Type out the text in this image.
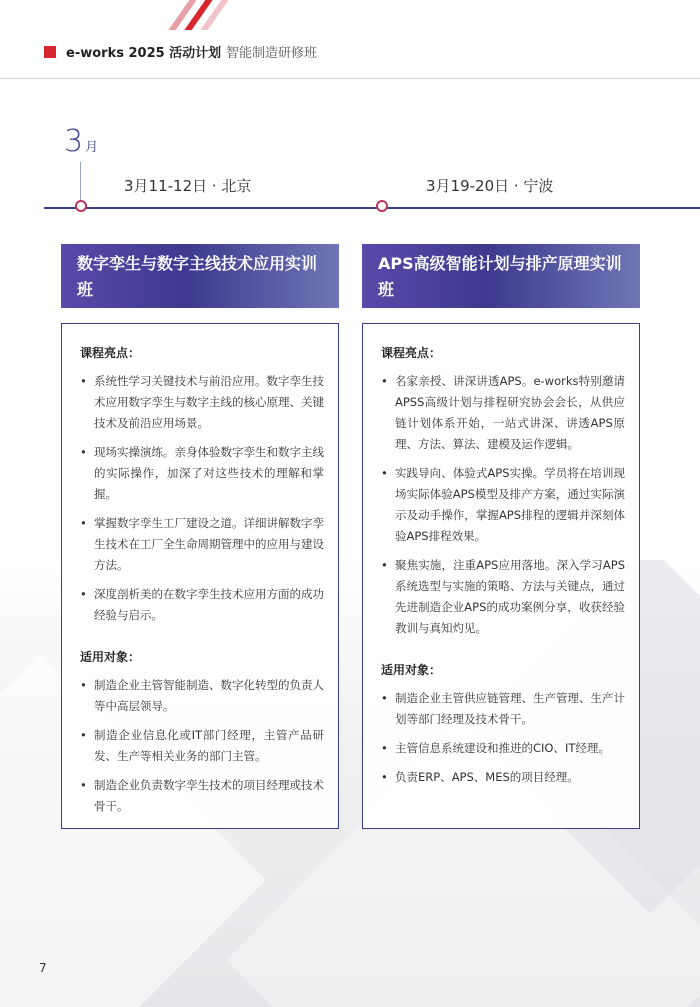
e-works 2025 活动计划 智能制造研修班
3 月
3月11-12日 · 北京	3月19-20日 · 宁波
数字孪生与数字主线技术应用实训班
课程亮点：
• 系统性学习关键技术与前沿应用。数字孪生技术应用数字孪生与数字主线的核心原理、关键技术及前沿应用场景。
• 现场实操演练。亲身体验数字孪生和数字主线的实际操作，加深了对这些技术的理解和掌握。
• 掌握数字孪生工厂建设之道。详细讲解数字孪生技术在工厂全生命周期管理中的应用与建设方法。
• 深度剖析美的在数字孪生技术应用方面的成功经验与启示。
适用对象：
• 制造企业主管智能制造、数字化转型的负责人等中高层领导。
• 制造企业信息化或IT部门经理，主管产品研发、生产等相关业务的部门主管。
• 制造企业负责数字孪生技术的项目经理或技术骨干。
APS高级智能计划与排产原理实训班
课程亮点：
• 名家亲授、讲深讲透APS。e-works特别邀请APSS高级计划与排程研究协会会长，从供应链计划体系开始，一站式讲深、讲透APS原理、方法、算法、建模及运作逻辑。
• 实践导向、体验式APS实操。学员将在培训现场实际体验APS模型及排产方案，通过实际演示及动手操作，掌握APS排程的逻辑并深刻体验APS排程效果。
• 聚焦实施，注重APS应用落地。深入学习APS系统选型与实施的策略、方法与关键点，通过先进制造企业APS的成功案例分享，收获经验教训与真知灼见。
适用对象：
• 制造企业主管供应链管理、生产管理、生产计划等部门经理及技术骨干。
• 主管信息系统建设和推进的CIO、IT经理。
• 负责ERP、APS、MES的项目经理。
7
